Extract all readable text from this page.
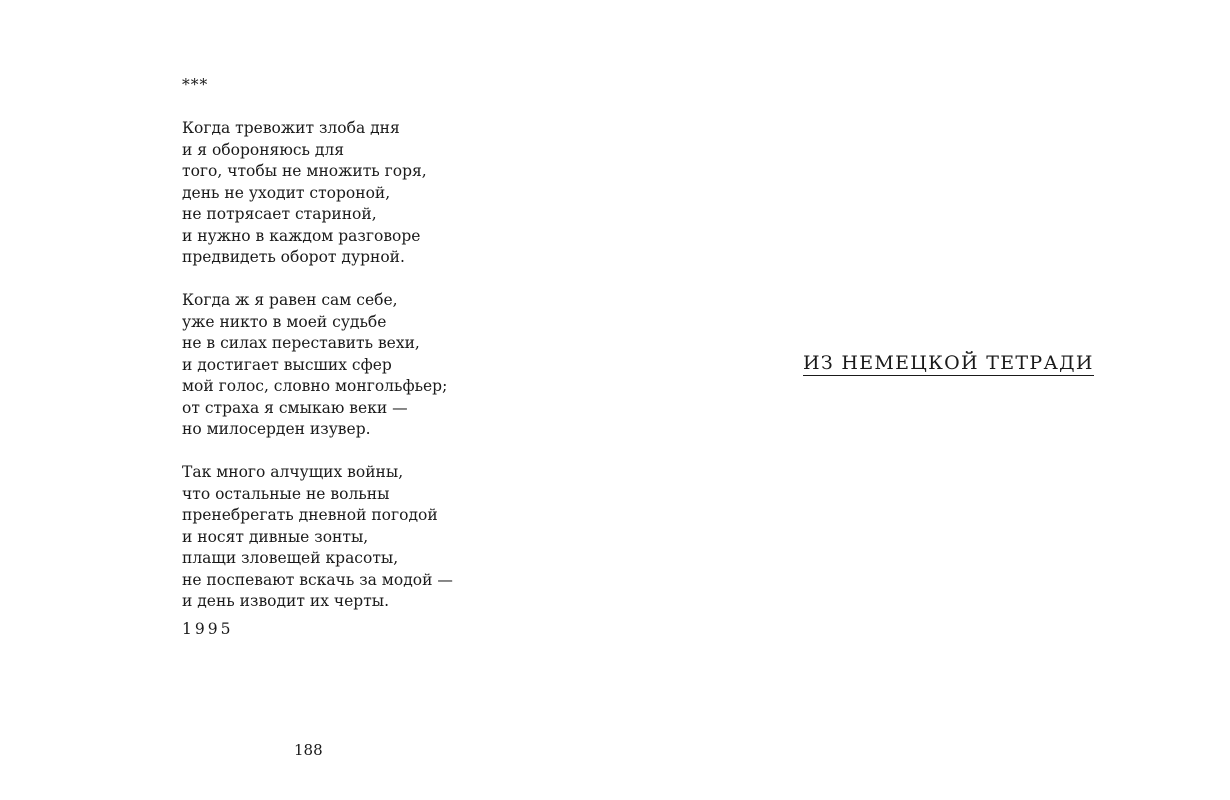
***
Когда тревожит злоба дня
и я обороняюсь для
того, чтобы не множить горя,
день не уходит стороной,
не потрясает стариной,
и нужно в каждом разговоре
предвидеть оборот дурной.
Когда ж я равен сам себе,
уже никто в моей судьбе
не в силах переставить вехи,
и достигает высших сфер
мой голос, словно монгольфьер;
от страха я смыкаю веки —
но милосерден изувер.
Так много алчущих войны,
что остальные не вольны
пренебрегать дневной погодой
и носят дивные зонты,
плащи зловещей красоты,
не поспевают вскачь за модой —
и день изводит их черты.
1995
188
ИЗ НЕМЕЦКОЙ ТЕТРАДИ
